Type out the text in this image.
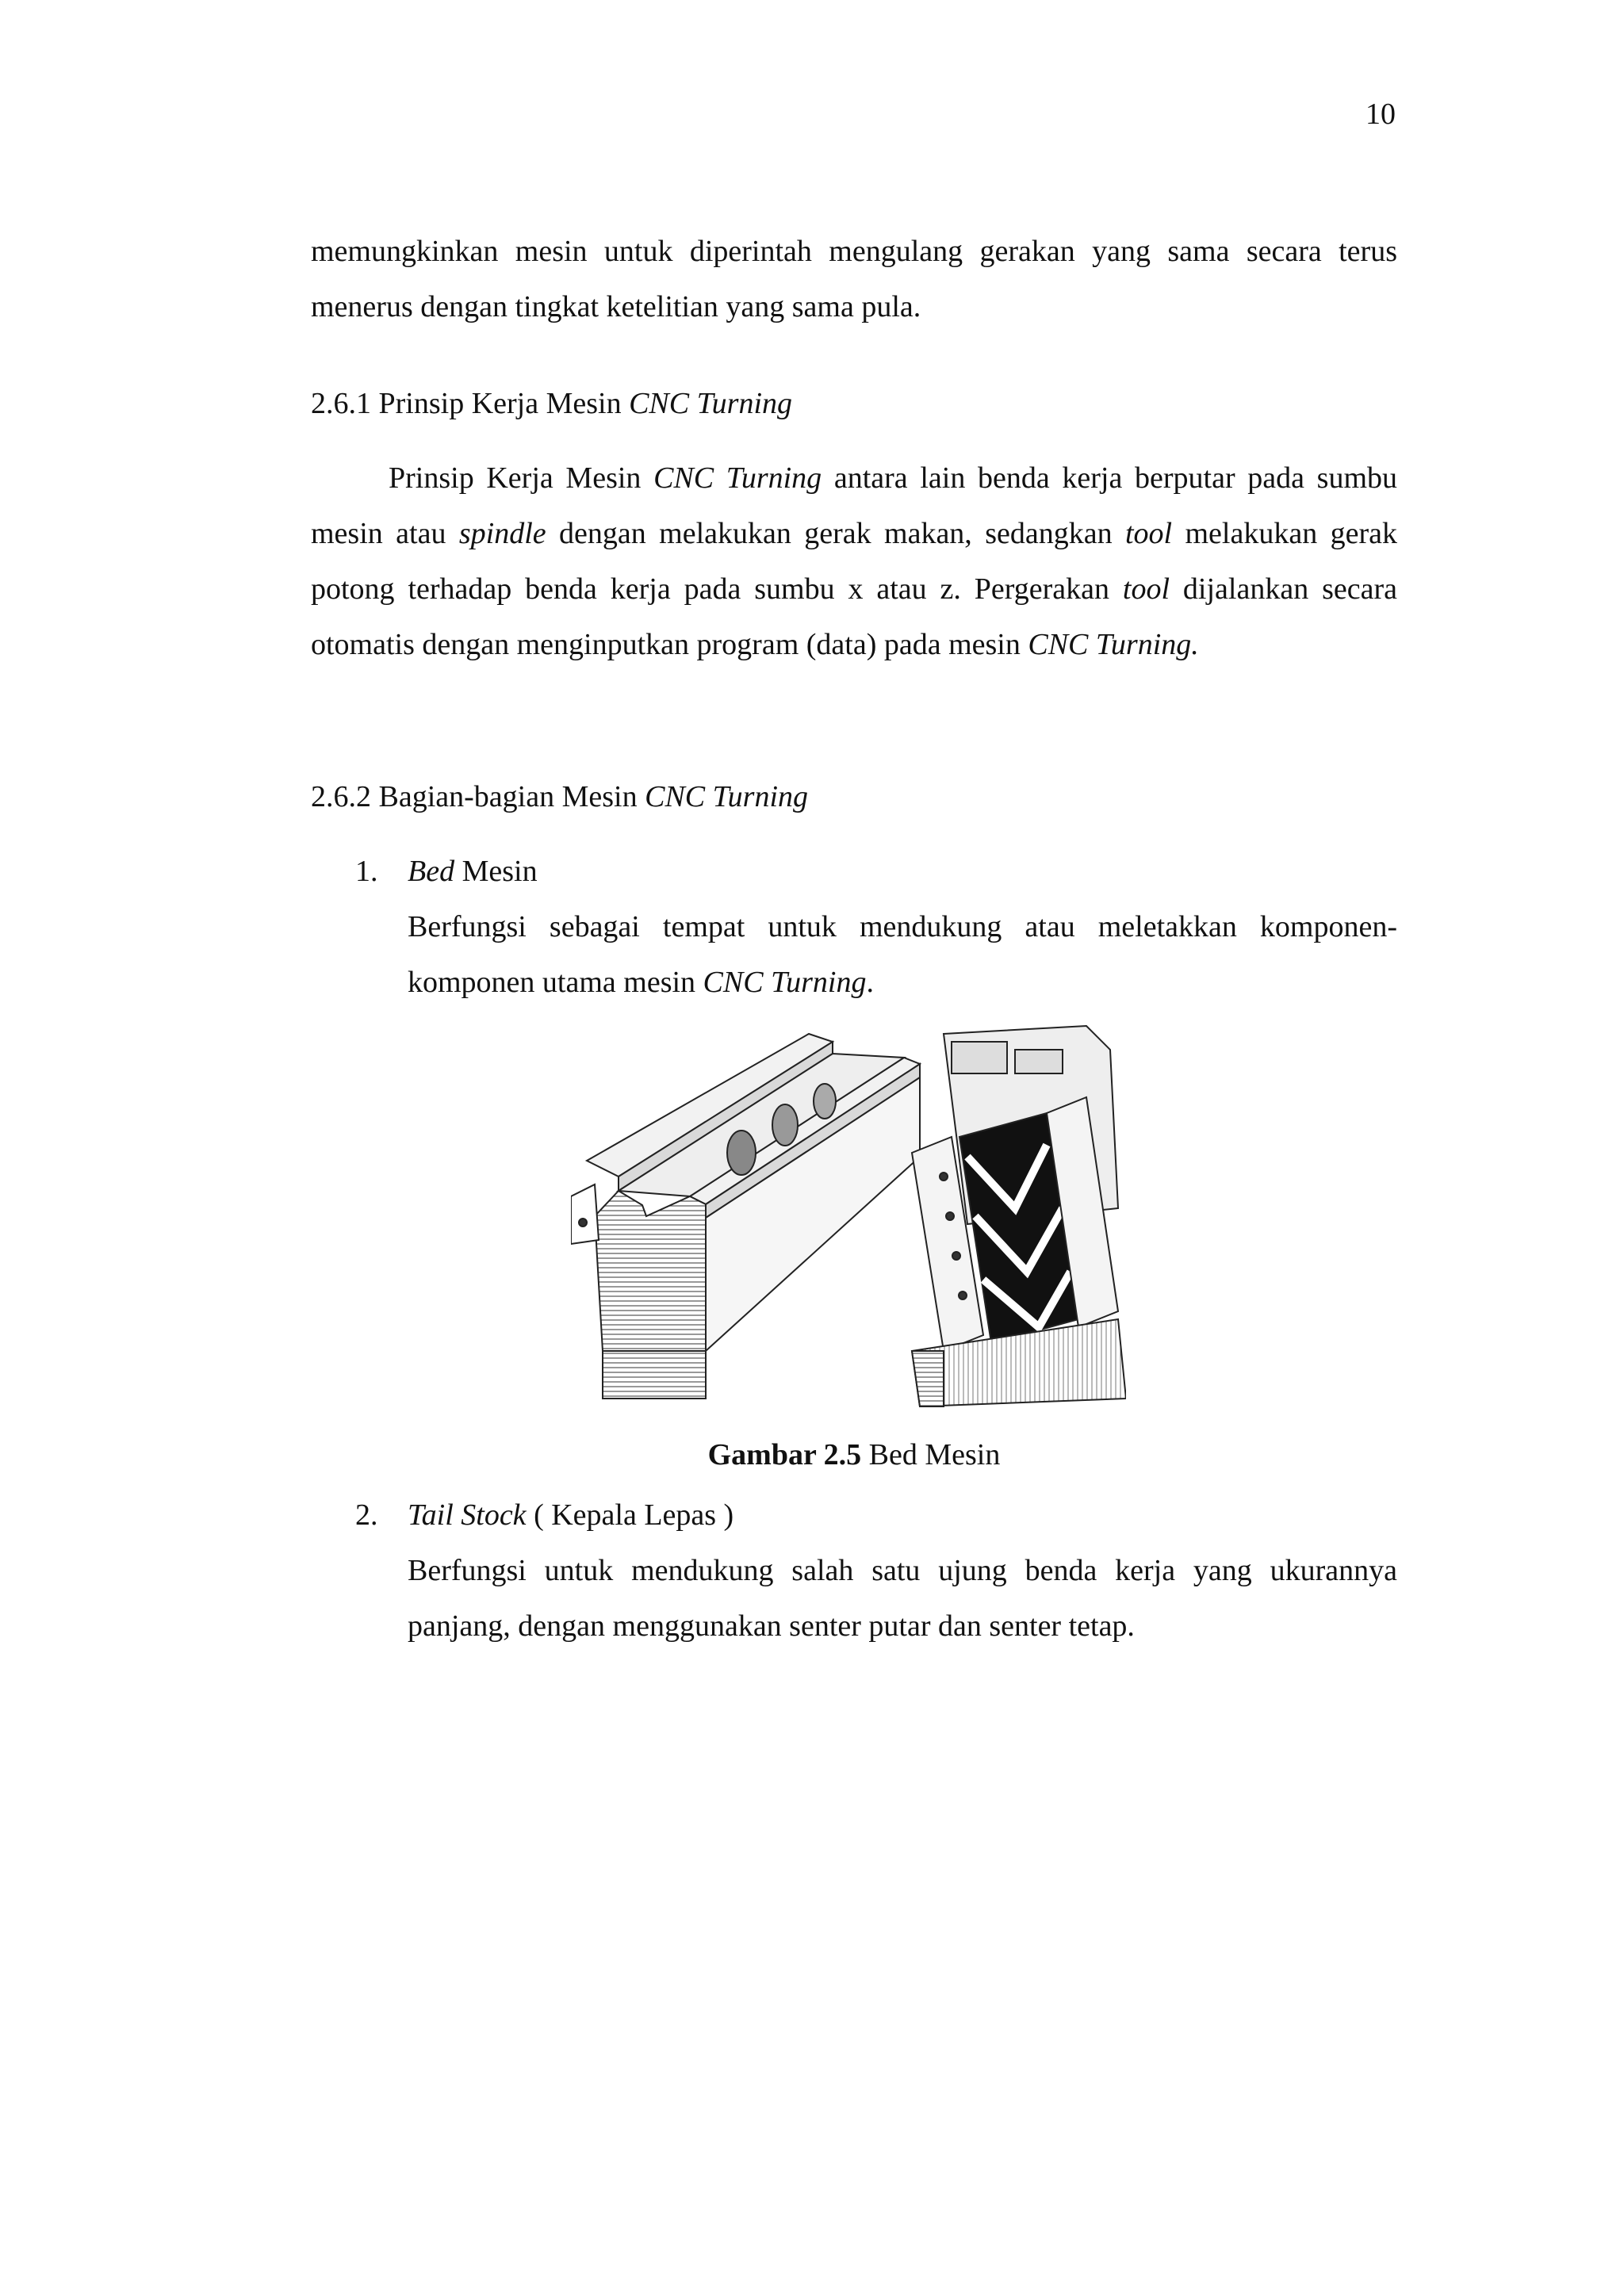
10
memungkinkan mesin untuk diperintah mengulang gerakan yang sama secara terus
menerus dengan tingkat ketelitian yang sama pula.
2.6.1 Prinsip Kerja Mesin CNC Turning
Prinsip Kerja Mesin CNC Turning antara lain benda kerja berputar pada sumbu mesin atau spindle dengan melakukan gerak makan, sedangkan tool melakukan gerak potong terhadap benda kerja pada sumbu x atau z. Pergerakan tool dijalankan secara otomatis dengan menginputkan program (data) pada mesin CNC Turning.
2.6.2 Bagian-bagian Mesin CNC Turning
1. Bed Mesin
Berfungsi sebagai tempat untuk mendukung atau meletakkan komponen-komponen utama mesin CNC Turning.
Gambar 2.5 Bed Mesin
2. Tail Stock ( Kepala Lepas )
Berfungsi untuk mendukung salah satu ujung benda kerja yang ukurannya panjang, dengan menggunakan senter putar dan senter tetap.
